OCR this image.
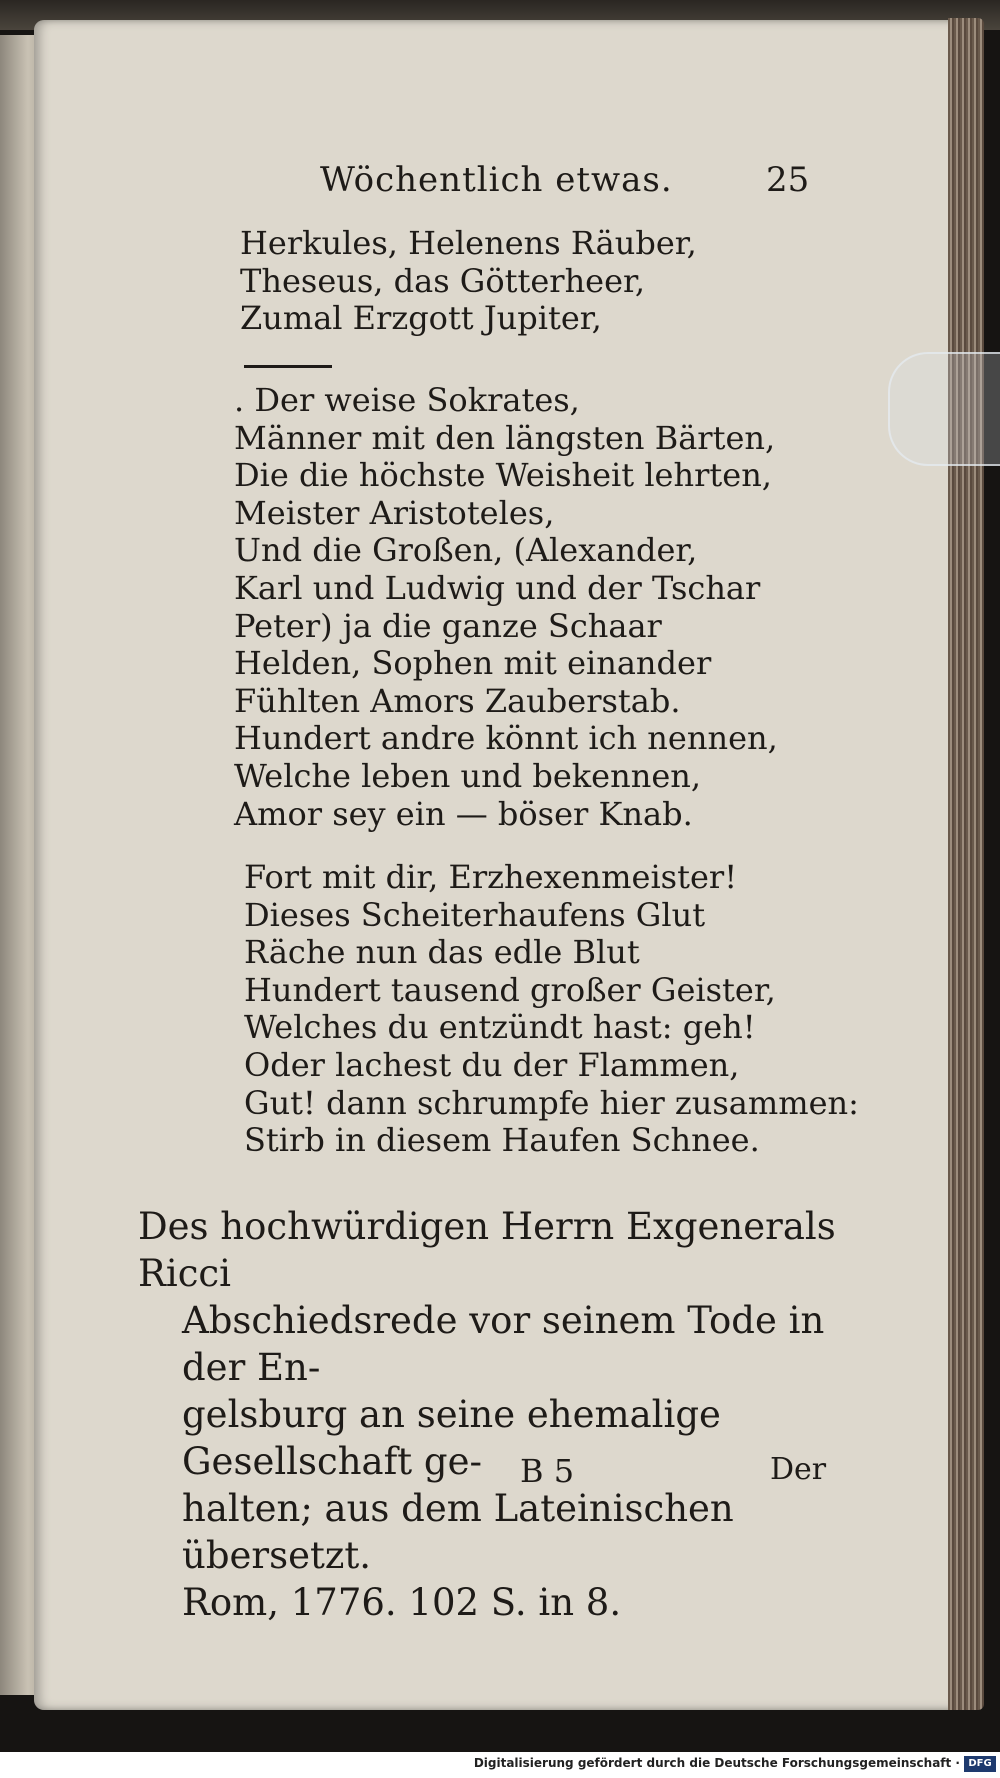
Wöchentlich etwas.	25
Herkules, Helenens Räuber,
Theseus, das Götterheer,
Zumal Erzgott Jupiter,
. Der weise Sokrates,
Männer mit den längsten Bärten,
Die die höchste Weisheit lehrten,
Meister Aristoteles,
Und die Großen, (Alexander,
Karl und Ludwig und der Tschar
Peter) ja die ganze Schaar
Helden, Sophen mit einander
Fühlten Amors Zauberstab.
Hundert andre könnt ich nennen,
Welche leben und bekennen,
Amor sey ein — böser Knab.
Fort mit dir, Erzhexenmeister!
Dieses Scheiterhaufens Glut
Räche nun das edle Blut
Hundert tausend großer Geister,
Welches du entzündt hast: geh!
Oder lachest du der Flammen,
Gut! dann schrumpfe hier zusammen:
Stirb in diesem Haufen Schnee.
Des hochwürdigen Herrn Exgenerals Ricci
Abschiedsrede vor seinem Tode in der En-
gelsburg an seine ehemalige Gesellschaft ge-
halten; aus dem Lateinischen übersetzt.
Rom, 1776. 102 S. in 8.
B 5	Der
Digitalisierung gefördert durch die Deutsche Forschungsgemeinschaft · DFG
